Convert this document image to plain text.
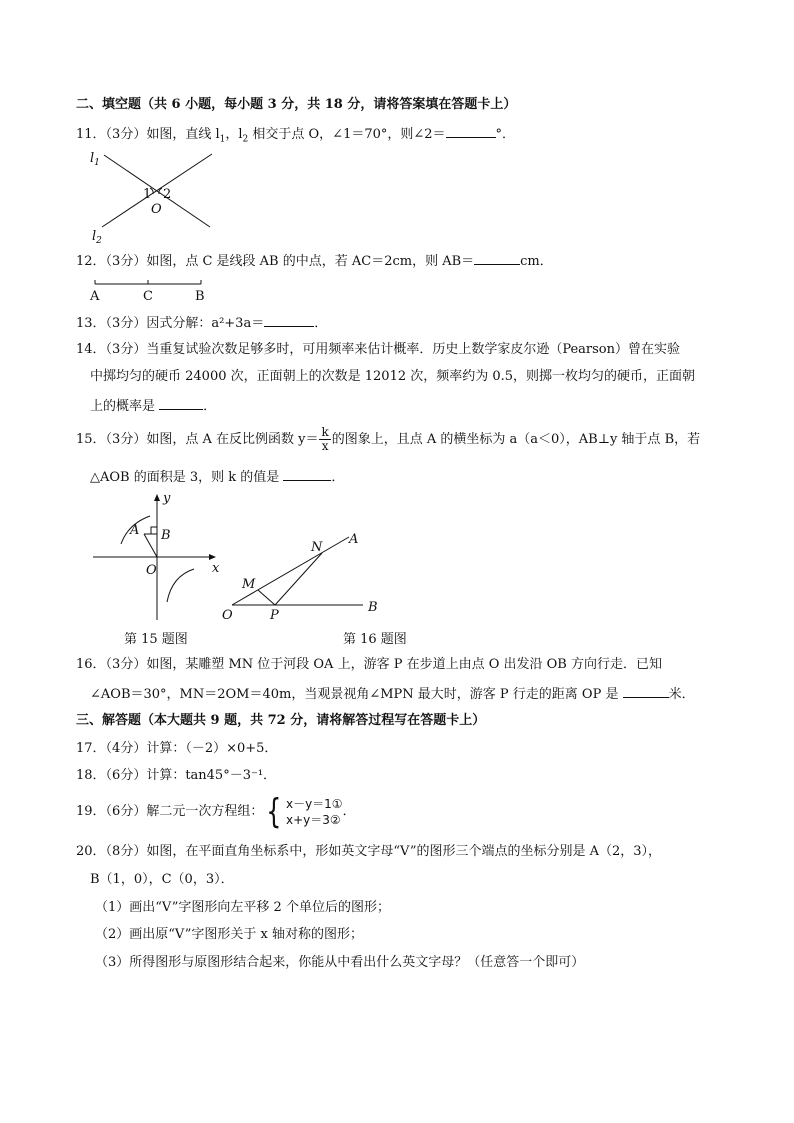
二、填空题（共 6 小题，每小题 3 分，共 18 分，请将答案填在答题卡上）
11．（3分）如图，直线 $l_1$，$l_2$ 相交于点 O，∠1＝70°，则∠2＝	°．
$l_1$
$l_2$
1 2
O
12．（3分）如图，点 C 是线段 AB 的中点，若 AC＝2cm，则 AB＝	cm．
A	C	B
13．（3分）因式分解：a²+3a＝	．
14．（3分）当重复试验次数足够多时，可用频率来估计概率．历史上数学家皮尔逊（Pearson）曾在实验
中掷均匀的硬币 24000 次，正面朝上的次数是 12012 次，频率约为 0.5，则掷一枚均匀的硬币，正面朝
上的概率是	．
15．（3分）如图，点 A 在反比例函数 $y= \frac{k}{x}$ 的图象上，且点 A 的横坐标为 a（a＜0），AB⊥y 轴于点 B，若
△AOB 的面积是 3，则 k 的值是	．
A B
O	x
y
第 15 题图
N
A
M
O	P
B
第 16 题图
16．（3分）如图，某雕塑 MN 位于河段 OA 上，游客 P 在步道上由点 O 出发沿 OB 方向行走．已知
∠AOB＝30°，MN＝2OM＝40m，当观景视角∠MPN 最大时，游客 P 行走的距离 OP 是	米．
三、解答题（本大题共 9 题，共 72 分，请将解答过程写在答题卡上）
17．（4分）计算：（－2）×0+5．
18．（6分）计算：tan45°－3⁻¹．
19．（6分）解二元一次方程组： { x－y＝1①
x+y＝3②
．
20．（8分）如图，在平面直角坐标系中，形如英文字母“V”的图形三个端点的坐标分别是 A（2，3），
B（1，0），C（0，3）．
（1）画出“V”字图形向左平移 2 个单位后的图形；
（2）画出原“V”字图形关于 x 轴对称的图形；
（3）所得图形与原图形结合起来，你能从中看出什么英文字母？（任意答一个即可）
